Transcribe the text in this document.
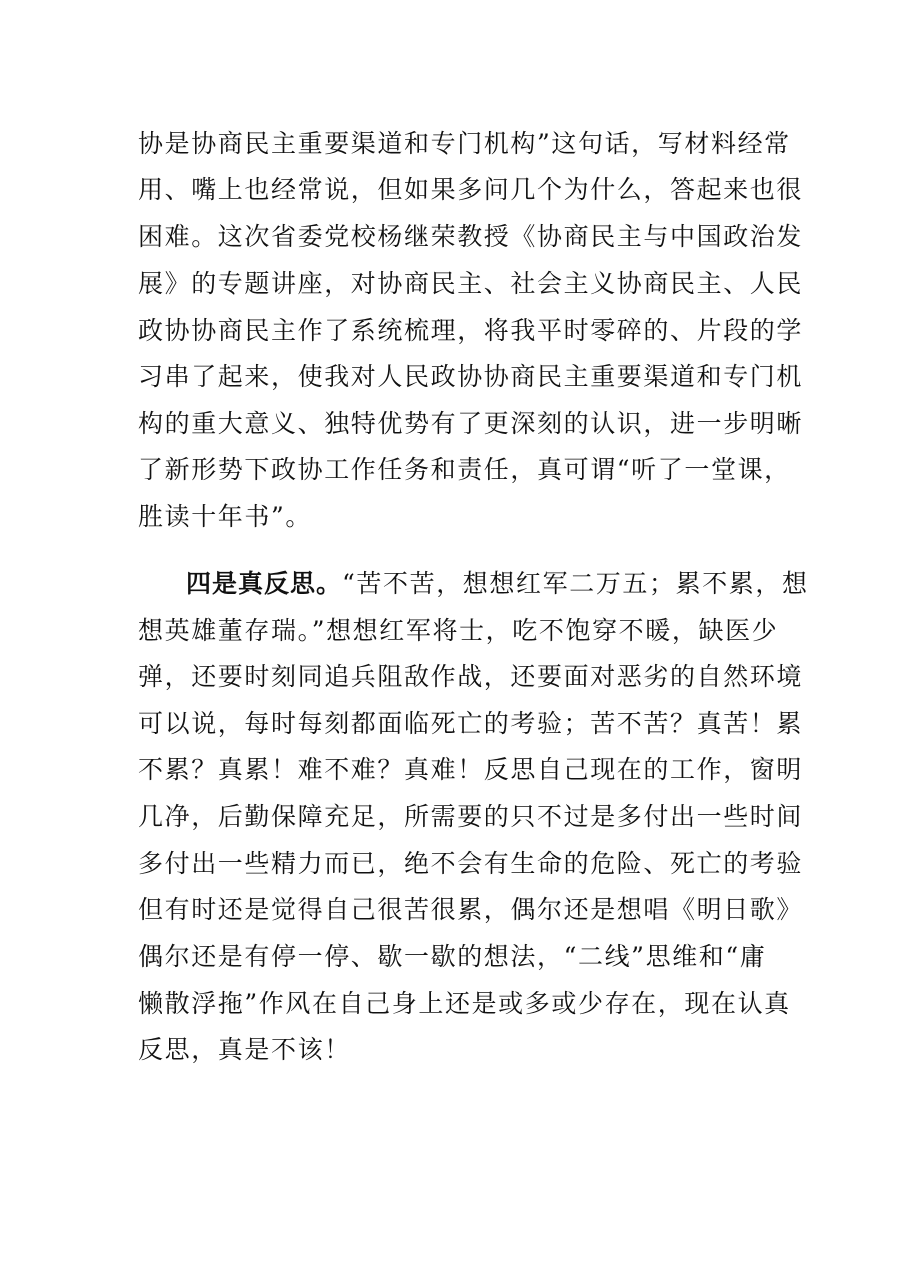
协是协商民主重要渠道和专门机构”这句话，写材料经常
用、嘴上也经常说，但如果多问几个为什么，答起来也很
困难。这次省委党校杨继荣教授《协商民主与中国政治发
展》的专题讲座，对协商民主、社会主义协商民主、人民
政协协商民主作了系统梳理，将我平时零碎的、片段的学
习串了起来，使我对人民政协协商民主重要渠道和专门机
构的重大意义、独特优势有了更深刻的认识，进一步明晰
了新形势下政协工作任务和责任，真可谓“听了一堂课，
胜读十年书”。
四是真反思。“苦不苦，想想红军二万五；累不累，想
想英雄董存瑞。”想想红军将士，吃不饱穿不暖，缺医少
弹，还要时刻同追兵阻敌作战，还要面对恶劣的自然环境
可以说，每时每刻都面临死亡的考验；苦不苦？真苦！累
不累？真累！难不难？真难！反思自己现在的工作，窗明
几净，后勤保障充足，所需要的只不过是多付出一些时间
多付出一些精力而已，绝不会有生命的危险、死亡的考验
但有时还是觉得自己很苦很累，偶尔还是想唱《明日歌》
偶尔还是有停一停、歇一歇的想法，“二线”思维和“庸
懒散浮拖”作风在自己身上还是或多或少存在，现在认真
反思，真是不该！
